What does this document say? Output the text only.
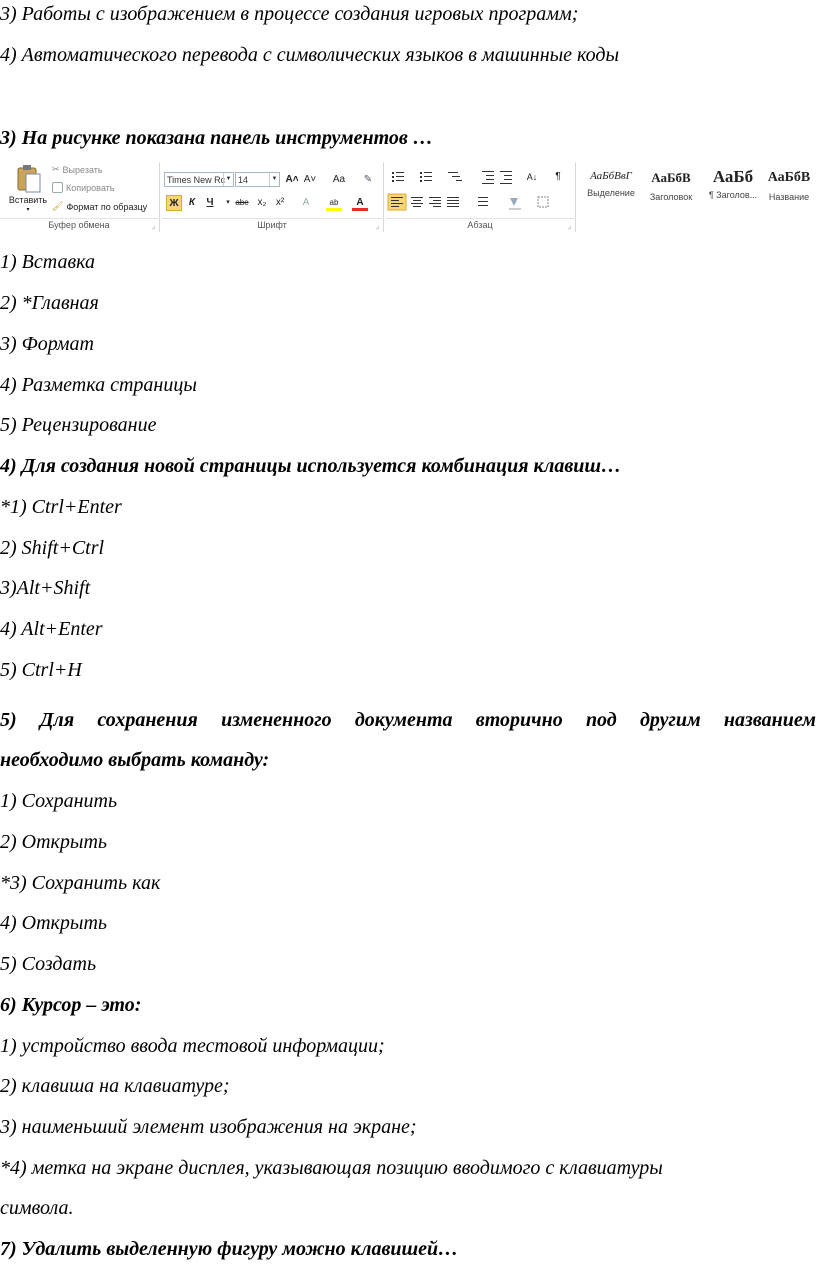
3) Работы с изображением в процессе создания игровых программ;
4) Автоматического перевода с символических языков в машинные коды
3) На рисунке показана панель инструментов …
Вставить
▾
✂ Вырезать
Копировать
🖌 Формат по образцу
Буфер обмена	⌟
Times New Rc ▼ 14	▼ A˄ A˅	Aa	✎
Ж	К	Ч	▾ abe x₂ x²	A	ab	A
Шрифт	⌟
A↓	¶
Абзац	⌟
АаБбВвГ
Выделение
АаБбВ
Заголовок
АаБб
¶ Заголов...
АаБбВ
Название
1) Вставка
2) *Главная
3) Формат
4) Разметка страницы
5) Рецензирование
4) Для создания новой страницы используется комбинация клавиш…
*1) Ctrl+Enter
2) Shift+Ctrl
3)Alt+Shift
4) Alt+Enter
5) Ctrl+H
5) Для сохранения измененного документа вторично под другим названием
необходимо выбрать команду:
1) Сохранить
2) Открыть
*3) Сохранить как
4) Открыть
5) Создать
6) Курсор – это:
1) устройство ввода тестовой информации;
2) клавиша на клавиатуре;
3) наименьший элемент изображения на экране;
*4) метка на экране дисплея, указывающая позицию вводимого с клавиатуры
символа.
7) Удалить выделенную фигуру можно клавишей…
